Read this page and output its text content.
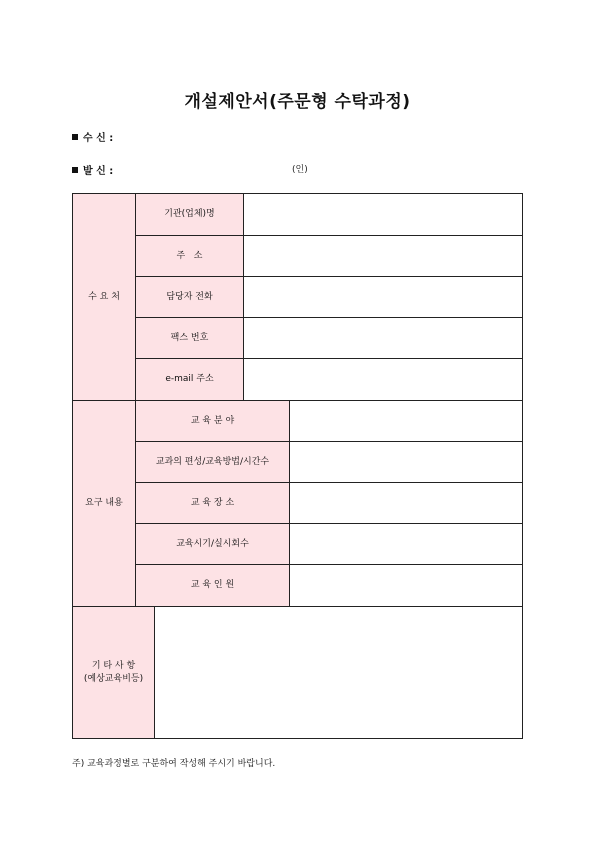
개설제안서(주문형 수탁과정)
수 신 :
발 신 :	(인)
수 요 처
기관(업체)명
주   소
담당자 전화
팩스 번호
e-mail 주소
요구 내용
교 육 분 야
교과의 편성/교육방법/시간수
교 육 장 소
교육시기/실시회수
교 육 인 원
기 타 사 항
(예상교육비등)
주) 교육과정별로 구분하여 작성해 주시기 바랍니다.
